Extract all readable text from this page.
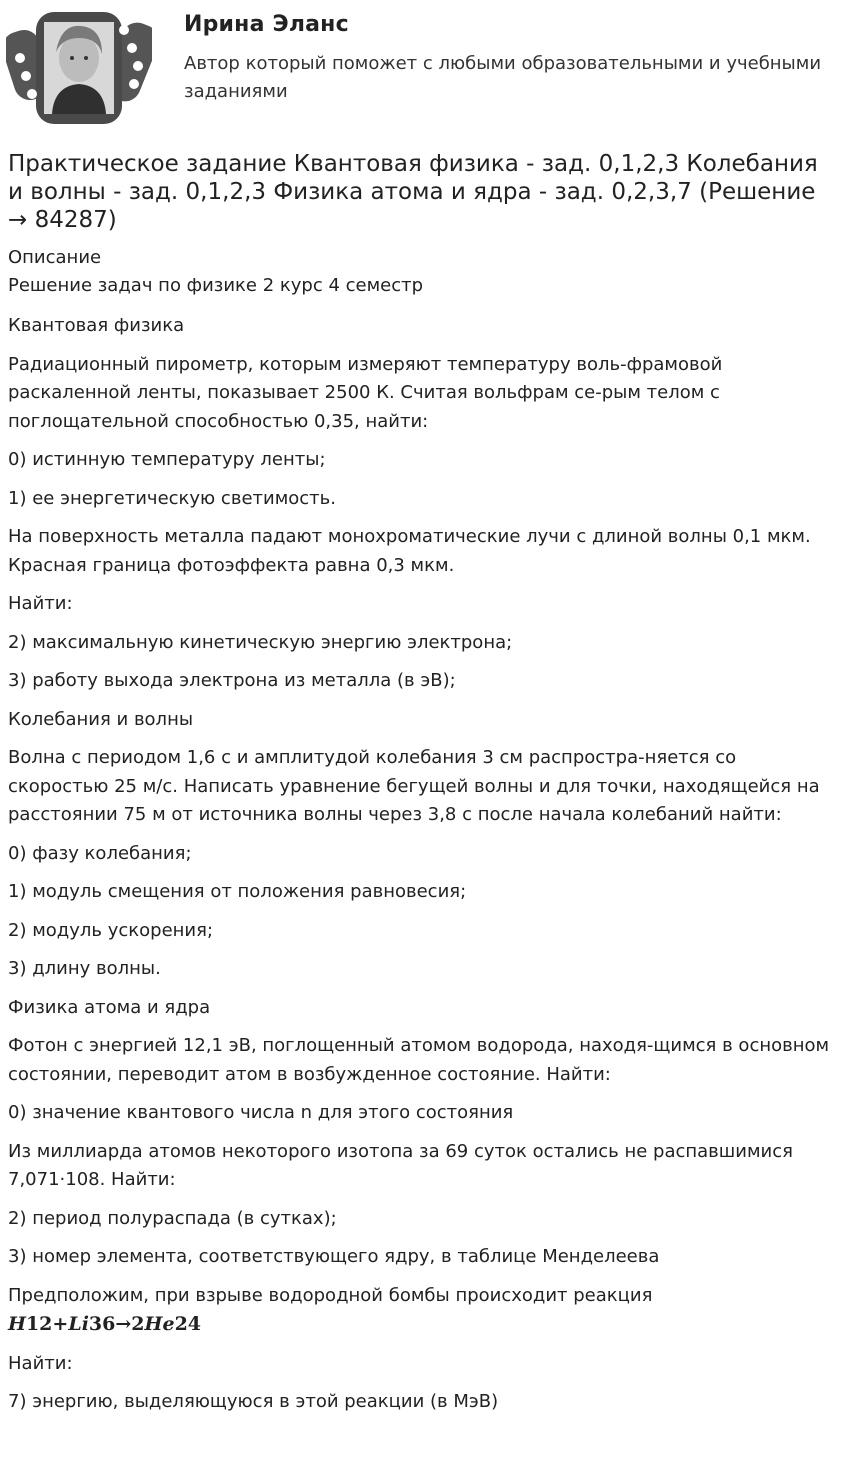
Ирина Эланс
Автор который поможет с любыми образовательными и учебными заданиями
Практическое задание Квантовая физика - зад. 0,1,2,3 Колебания и волны - зад. 0,1,2,3 Физика атома и ядра - зад. 0,2,3,7 (Решение → 84287)
Описание
Решение задач по физике 2 курс 4 семестр

Квантовая физика

Радиационный пирометр, которым измеряют температуру воль-фрамовой раскаленной ленты, показывает 2500 К. Считая вольфрам се-рым телом с поглощательной способностью 0,35, найти:

0) истинную температуру ленты;

1) ее энергетическую светимость.

На поверхность металла падают монохроматические лучи с длиной волны 0,1 мкм. Красная граница фотоэффекта равна 0,3 мкм.

Найти:

2) максимальную кинетическую энергию электрона;

3) работу выхода электрона из металла (в эВ);

Колебания и волны

Волна с периодом 1,6 с и амплитудой колебания 3 см распростра-няется со скоростью 25 м/с. Написать уравнение бегущей волны и для точки, находящейся на расстоянии 75 м от источника волны через 3,8 с после начала колебаний найти:

0) фазу колебания;

1) модуль смещения от положения равновесия;

2) модуль ускорения;

3) длину волны.

Физика атома и ядра

Фотон с энергией 12,1 эВ, поглощенный атомом водорода, находя-щимся в основном состоянии, переводит атом в возбужденное состояние. Найти:

0) значение квантового числа n для этого состояния

Из миллиарда атомов некоторого изотопа за 69 суток остались не распавшимися 7,071·108. Найти:

2) период полураспада (в сутках);

3) номер элемента, соответствующего ядру, в таблице Менделеева

Предположим, при взрыве водородной бомбы происходит реакция
H12+Li36→2He24

Найти:

7) энергию, выделяющуюся в этой реакции (в МэВ)
